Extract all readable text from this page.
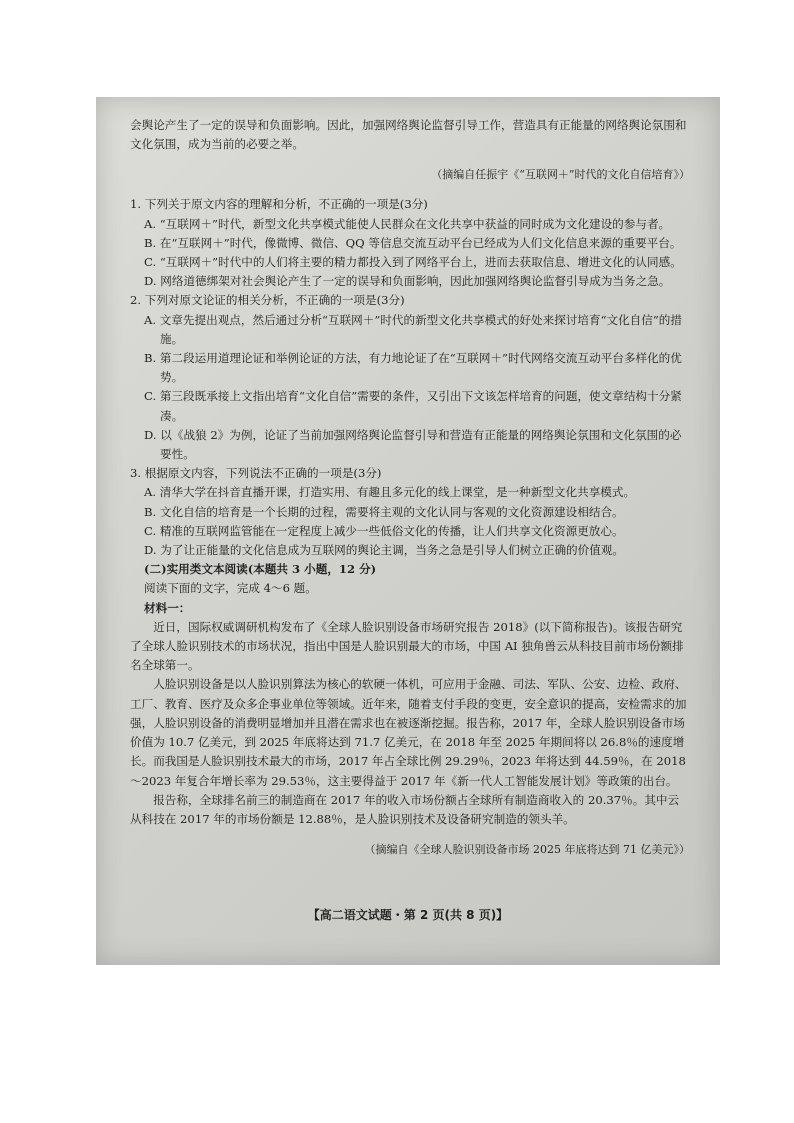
会舆论产生了一定的误导和负面影响。因此，加强网络舆论监督引导工作，营造具有正能量的网络舆论氛围和文化氛围，成为当前的必要之举。

（摘编自任振宇《“互联网＋”时代的文化自信培育》）

1. 下列关于原文内容的理解和分析，不正确的一项是(3分)

A. “互联网＋”时代，新型文化共享模式能使人民群众在文化共享中获益的同时成为文化建设的参与者。

B. 在“互联网＋”时代，像微博、微信、QQ 等信息交流互动平台已经成为人们文化信息来源的重要平台。

C. “互联网＋”时代中的人们将主要的精力都投入到了网络平台上，进而去获取信息、增进文化的认同感。

D. 网络道德绑架对社会舆论产生了一定的误导和负面影响，因此加强网络舆论监督引导成为当务之急。

2. 下列对原文论证的相关分析，不正确的一项是(3分)

A. 文章先提出观点，然后通过分析“互联网＋”时代的新型文化共享模式的好处来探讨培育“文化自信”的措施。

B. 第二段运用道理论证和举例论证的方法，有力地论证了在“互联网＋”时代网络交流互动平台多样化的优势。

C. 第三段既承接上文指出培育“文化自信”需要的条件，又引出下文该怎样培育的问题，使文章结构十分紧凑。

D. 以《战狼 2》为例，论证了当前加强网络舆论监督引导和营造有正能量的网络舆论氛围和文化氛围的必要性。

3. 根据原文内容，下列说法不正确的一项是(3分)

A. 清华大学在抖音直播开课，打造实用、有趣且多元化的线上课堂，是一种新型文化共享模式。

B. 文化自信的培育是一个长期的过程，需要将主观的文化认同与客观的文化资源建设相结合。

C. 精准的互联网监管能在一定程度上减少一些低俗文化的传播，让人们共享文化资源更放心。

D. 为了让正能量的文化信息成为互联网的舆论主调，当务之急是引导人们树立正确的价值观。

(二)实用类文本阅读(本题共 3 小题，12 分)

阅读下面的文字，完成 4～6 题。

材料一：

近日，国际权威调研机构发布了《全球人脸识别设备市场研究报告 2018》(以下简称报告)。该报告研究了全球人脸识别技术的市场状况，指出中国是人脸识别最大的市场，中国 AI 独角兽云从科技目前市场份额排名全球第一。

人脸识别设备是以人脸识别算法为核心的软硬一体机，可应用于金融、司法、军队、公安、边检、政府、工厂、教育、医疗及众多企事业单位等领域。近年来，随着支付手段的变更，安全意识的提高，安检需求的加强，人脸识别设备的消费明显增加并且潜在需求也在被逐渐挖掘。报告称，2017 年，全球人脸识别设备市场价值为 10.7 亿美元，到 2025 年底将达到 71.7 亿美元，在 2018 年至 2025 年期间将以 26.8％的速度增长。而我国是人脸识别技术最大的市场，2017 年占全球比例 29.29％，2023 年将达到 44.59％，在 2018～2023 年复合年增长率为 29.53％，这主要得益于 2017 年《新一代人工智能发展计划》等政策的出台。

报告称，全球排名前三的制造商在 2017 年的收入市场份额占全球所有制造商收入的 20.37％。其中云从科技在 2017 年的市场份额是 12.88％，是人脸识别技术及设备研究制造的领头羊。

（摘编自《全球人脸识别设备市场 2025 年底将达到 71 亿美元》）

【高二语文试题・第 2 页(共 8 页)】
